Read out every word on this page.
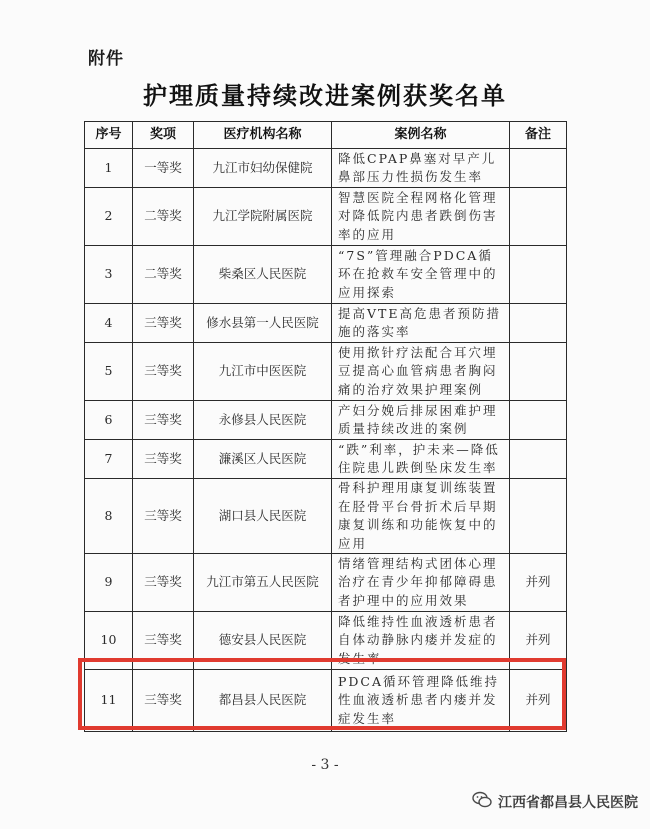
附件
护理质量持续改进案例获奖名单
序号	奖项	医疗机构名称	案例名称	备注
1	一等奖	九江市妇幼保健院	降低CPAP鼻塞对早产儿鼻部压力性损伤发生率	
2	二等奖	九江学院附属医院	智慧医院全程网格化管理对降低院内患者跌倒伤害率的应用	
3	二等奖	柴桑区人民医院	“7S”管理融合PDCA循环在抢救车安全管理中的应用探索	
4	三等奖	修水县第一人民医院	提高VTE高危患者预防措施的落实率	
5	三等奖	九江市中医医院	使用揿针疗法配合耳穴埋豆提高心血管病患者胸闷痛的治疗效果护理案例	
6	三等奖	永修县人民医院	产妇分娩后排尿困难护理质量持续改进的案例	
7	三等奖	濂溪区人民医院	“跌”利率，护未来—降低住院患儿跌倒坠床发生率	
8	三等奖	湖口县人民医院	骨科护理用康复训练装置在胫骨平台骨折术后早期康复训练和功能恢复中的应用	
9	三等奖	九江市第五人民医院	情绪管理结构式团体心理治疗在青少年抑郁障碍患者护理中的应用效果	并列
10	三等奖	德安县人民医院	降低维持性血液透析患者自体动静脉内瘘并发症的发生率	并列
11	三等奖	都昌县人民医院	PDCA循环管理降低维持性血液透析患者内瘘并发症发生率	并列
- 3 -
江西省都昌县人民医院
